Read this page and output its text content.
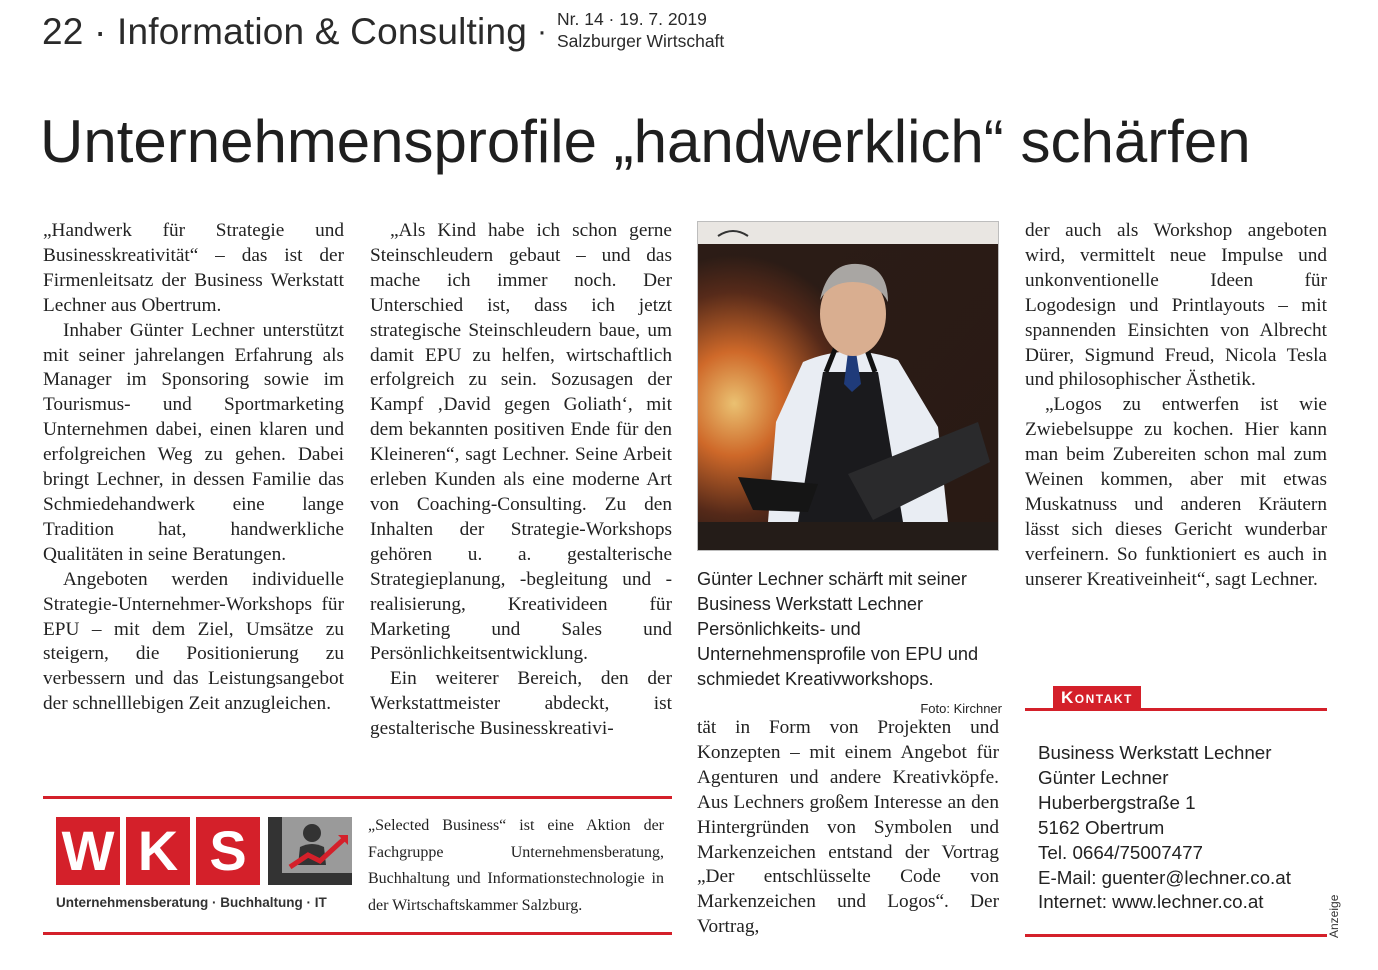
22 · Information & Consulting · Nr. 14 · 19. 7. 2019
Salzburger Wirtschaft
Unternehmensprofile „handwerklich“ schärfen

„Handwerk für Strategie und Businesskreativität“ – das ist der Firmenleitsatz der Business Werkstatt Lechner aus Obertrum.

Inhaber Günter Lechner unterstützt mit seiner jahrelangen Erfahrung als Manager im Sponsoring sowie im Tourismus- und Sportmarketing Unternehmen dabei, einen klaren und erfolgreichen Weg zu gehen. Dabei bringt Lechner, in dessen Familie das Schmiedehandwerk eine lange Tradition hat, handwerkliche Qualitäten in seine Beratungen.

Angeboten werden individuelle Strategie-Unternehmer-Workshops für EPU – mit dem Ziel, Umsätze zu steigern, die Positionierung zu verbessern und das Leistungsangebot der schnelllebigen Zeit anzugleichen.

„Als Kind habe ich schon gerne Steinschleudern gebaut – und das mache ich immer noch. Der Unterschied ist, dass ich jetzt strategische Steinschleudern baue, um damit EPU zu helfen, wirtschaftlich erfolgreich zu sein. Sozusagen der Kampf ‚David gegen Goliath‘, mit dem bekannten positiven Ende für den Kleineren“, sagt Lechner. Seine Arbeit erleben Kunden als eine moderne Art von Coaching-Consulting. Zu den Inhalten der Strategie-Workshops gehören u. a. gestalterische Strategieplanung, -begleitung und -realisierung, Kreativideen für Marketing und Sales und Persönlichkeitsentwicklung.

Ein weiterer Bereich, den der Werkstattmeister abdeckt, ist gestalterische Businesskreativi-

Günter Lechner schärft mit seiner Business Werkstatt Lechner Persönlichkeits- und Unternehmensprofile von EPU und schmiedet Kreativworkshops.
Foto: Kirchner

tät in Form von Projekten und Konzepten – mit einem Angebot für Agenturen und andere Kreativköpfe. Aus Lechners großem Interesse an den Hintergründen von Symbolen und Markenzeichen entstand der Vortrag „Der entschlüsselte Code von Markenzeichen und Logos“. Der Vortrag,

der auch als Workshop angeboten wird, vermittelt neue Impulse und unkonventionelle Ideen für Logodesign und Printlayouts – mit spannenden Einsichten von Albrecht Dürer, Sigmund Freud, Nicola Tesla und philosophischer Ästhetik.

„Logos zu entwerfen ist wie Zwiebelsuppe zu kochen. Hier kann man beim Zubereiten schon mal zum Weinen kommen, aber mit etwas Muskatnuss und anderen Kräutern lässt sich dieses Gericht wunderbar verfeinern. So funktioniert es auch in unserer Kreativeinheit“, sagt Lechner.

W K S
Unternehmensberatung · Buchhaltung · IT
„Selected Business“ ist eine Aktion der Fachgruppe Unternehmensberatung, Buchhaltung und Informationstechnologie in der Wirtschaftskammer Salzburg.
Kontakt
Business Werkstatt Lechner
Günter Lechner
Huberbergstraße 1
5162 Obertrum
Tel. 0664/75007477
E-Mail: guenter@lechner.co.at
Internet: www.lechner.co.at	Anzeige
